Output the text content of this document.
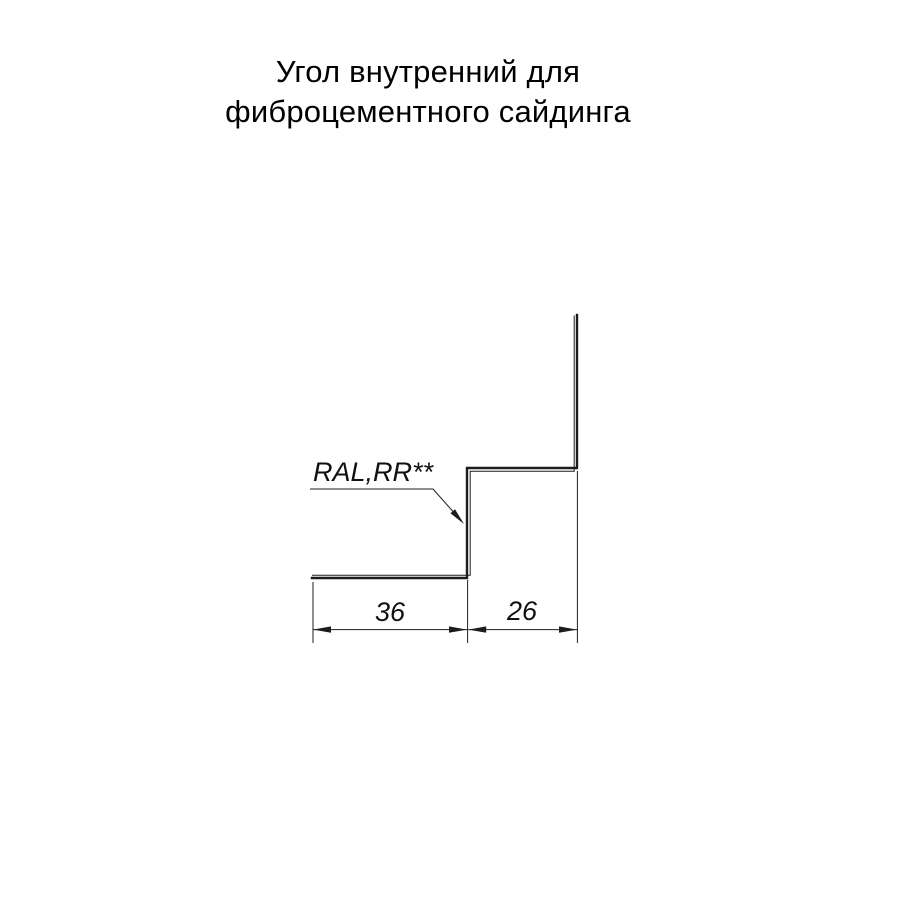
Угол внутренний для
фиброцементного сайдинга
RAL,RR**
36	26
